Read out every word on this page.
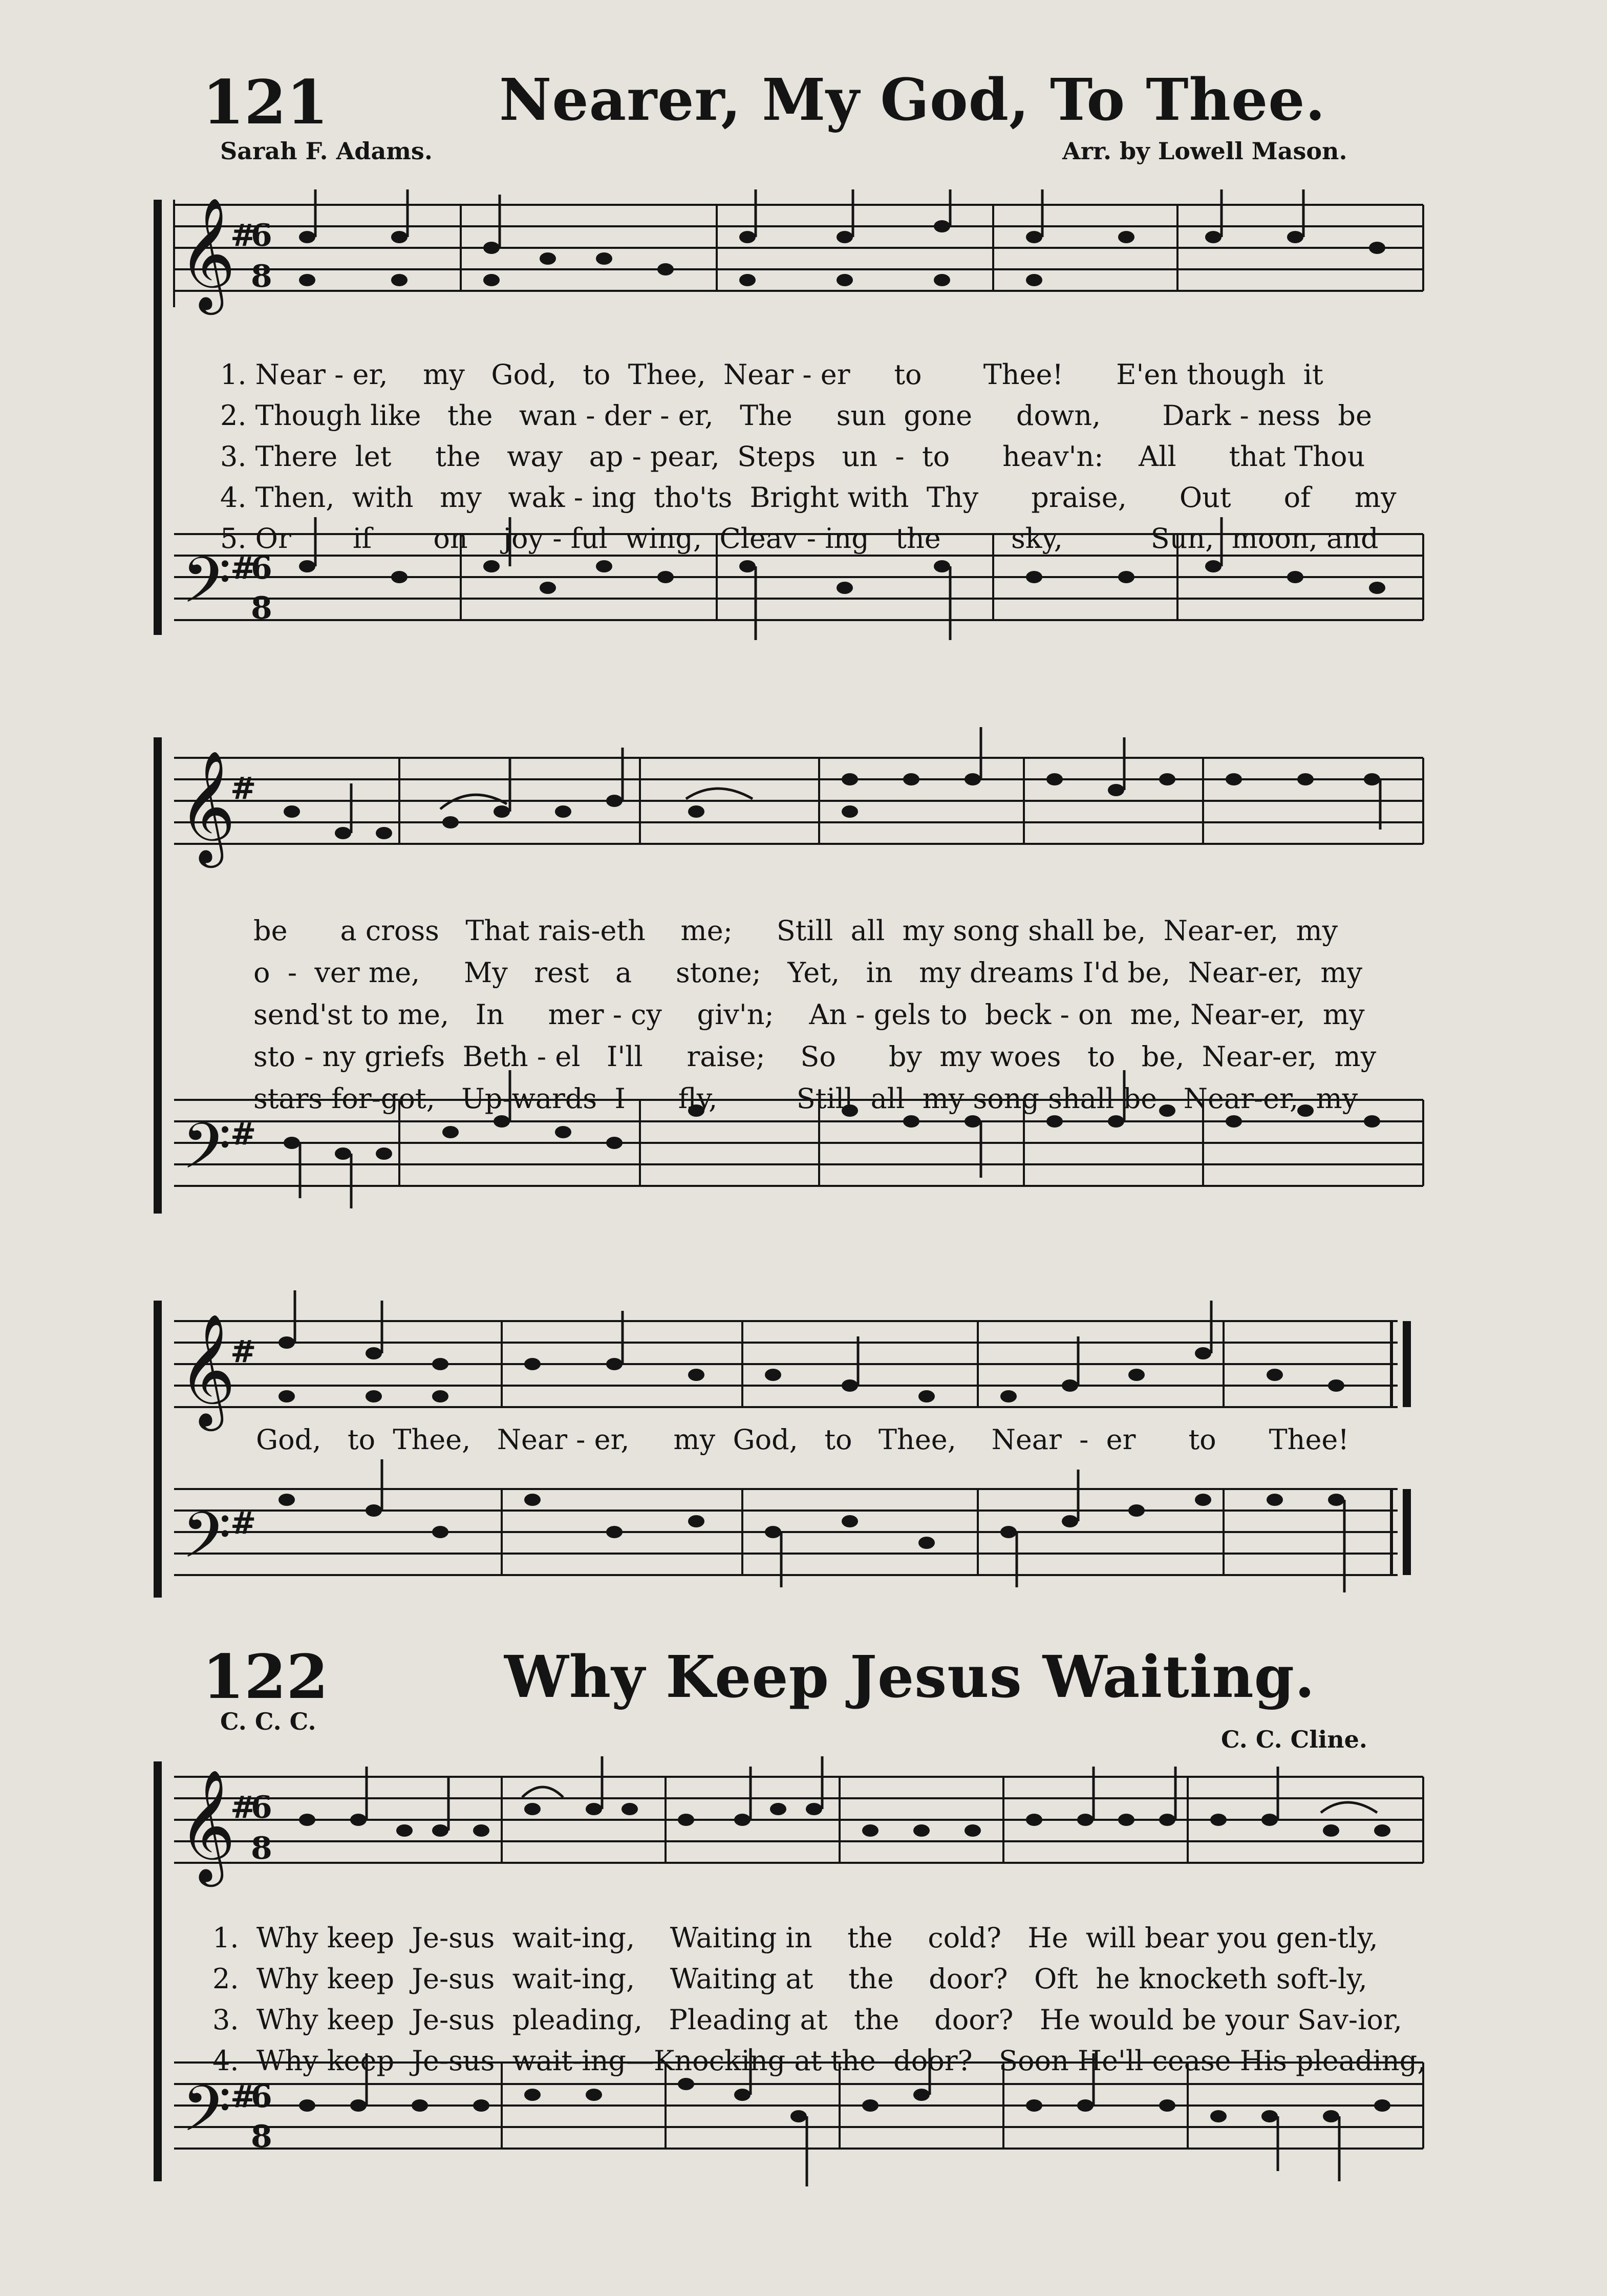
121	Nearer, My God, To Thee.
Sarah F. Adams.	Arr. by Lowell Mason.
𝄞
#
6
8
𝄢
#
6
8

1. Near - er,    my   God,   to  Thee,  Near - er     to       Thee!      E'en though  it
2. Though like   the   wan - der - er,   The     sun  gone     down,       Dark - ness  be
3. There  let     the   way   ap - pear,  Steps   un  -  to      heav'n:    All      that Thou
4. Then,  with   my   wak - ing  tho'ts  Bright with  Thy      praise,      Out      of     my
5. Or       if       on    joy - ful  wing,  Cleav - ing   the        sky,          Sun,  moon, and

𝄞
#
𝄢
#

be      a cross   That rais-eth    me;     Still  all  my song shall be,  Near-er,  my
o  -  ver me,     My   rest   a     stone;   Yet,   in   my dreams I'd be,  Near-er,  my
send'st to me,   In     mer - cy    giv'n;    An - gels to  beck - on  me, Near-er,  my
sto - ny griefs  Beth - el   I'll     raise;    So      by  my woes   to   be,  Near-er,  my
stars for-got,   Up-wards  I      fly,         Still  all  my song shall be   Near-er,  my

𝄞
#
𝄢
#
God,   to  Thee,   Near - er,     my  God,   to   Thee,    Near  -  er      to      Thee!
122	Why Keep Jesus Waiting.
C. C. C.
C. C. Cline.
𝄞
#
6
8
𝄢
#
6
8

1.  Why keep  Je-sus  wait-ing,    Waiting in    the    cold?   He  will bear you gen-tly,
2.  Why keep  Je-sus  wait-ing,    Waiting at    the    door?   Oft  he knocketh soft-ly,
3.  Why keep  Je-sus  pleading,   Pleading at   the    door?   He would be your Sav-ior,
4.  Why keep  Je-sus  wait-ing—Knocking at the  door?   Soon He'll cease His pleading,
